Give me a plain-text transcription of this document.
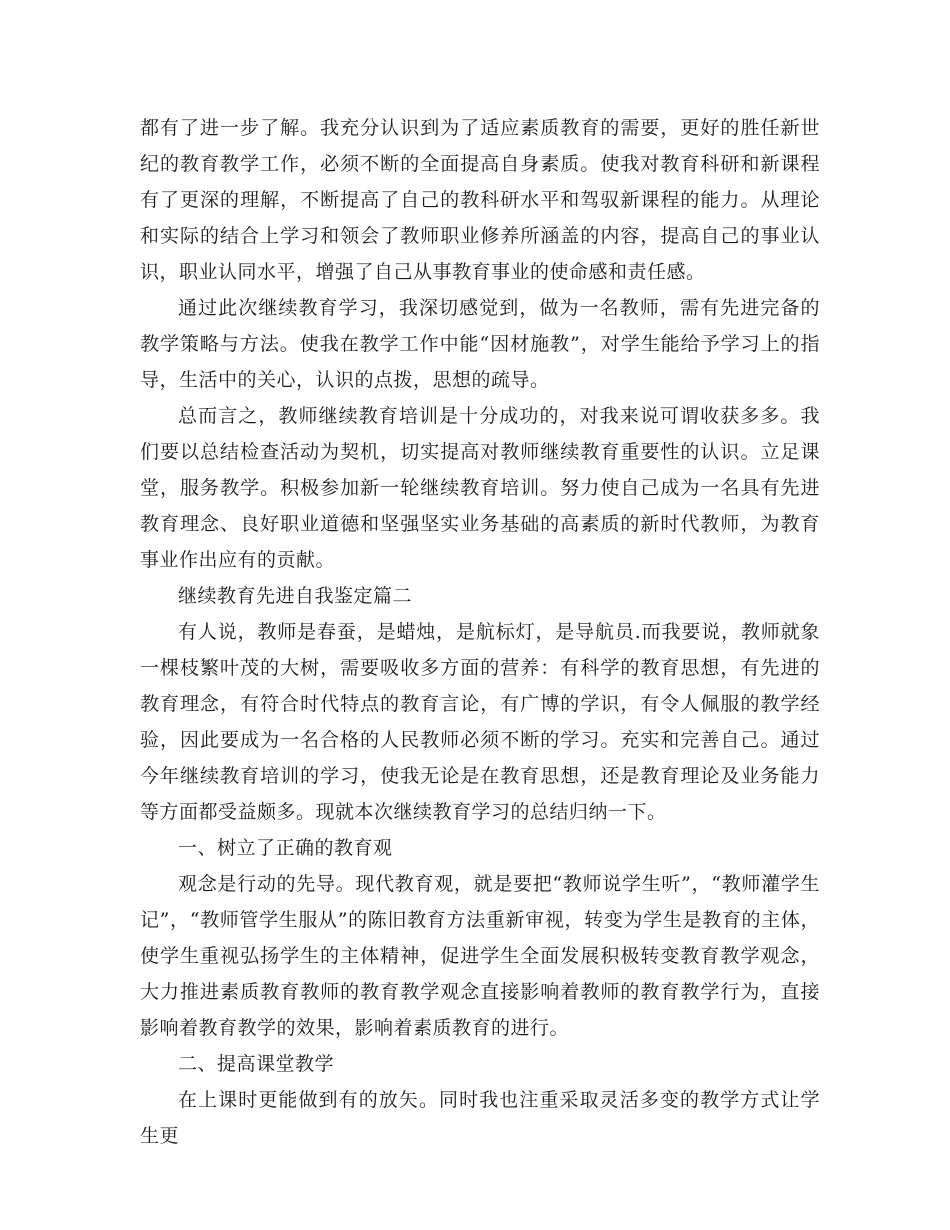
都有了进一步了解。我充分认识到为了适应素质教育的需要，更好的胜任新世纪的教育教学工作，必须不断的全面提高自身素质。使我对教育科研和新课程有了更深的理解，不断提高了自己的教科研水平和驾驭新课程的能力。从理论和实际的结合上学习和领会了教师职业修养所涵盖的内容，提高自己的事业认识，职业认同水平，增强了自己从事教育事业的使命感和责任感。

通过此次继续教育学习，我深切感觉到，做为一名教师，需有先进完备的教学策略与方法。使我在教学工作中能“因材施教”，对学生能给予学习上的指导，生活中的关心，认识的点拨，思想的疏导。

总而言之，教师继续教育培训是十分成功的，对我来说可谓收获多多。我们要以总结检查活动为契机，切实提高对教师继续教育重要性的认识。立足课堂，服务教学。积极参加新一轮继续教育培训。努力使自己成为一名具有先进教育理念、良好职业道德和坚强坚实业务基础的高素质的新时代教师，为教育事业作出应有的贡献。

继续教育先进自我鉴定篇二

有人说，教师是春蚕，是蜡烛，是航标灯，是导航员.而我要说，教师就象一棵枝繁叶茂的大树，需要吸收多方面的营养：有科学的教育思想，有先进的教育理念，有符合时代特点的教育言论，有广博的学识，有令人佩服的教学经验，因此要成为一名合格的人民教师必须不断的学习。充实和完善自己。通过今年继续教育培训的学习，使我无论是在教育思想，还是教育理论及业务能力等方面都受益颇多。现就本次继续教育学习的总结归纳一下。

一、树立了正确的教育观

观念是行动的先导。现代教育观，就是要把“教师说学生听”，“教师灌学生记”，“教师管学生服从”的陈旧教育方法重新审视，转变为学生是教育的主体，使学生重视弘扬学生的主体精神，促进学生全面发展积极转变教育教学观念，大力推进素质教育教师的教育教学观念直接影响着教师的教育教学行为，直接影响着教育教学的效果，影响着素质教育的进行。

二、提高课堂教学

在上课时更能做到有的放矢。同时我也注重采取灵活多变的教学方式让学生更
